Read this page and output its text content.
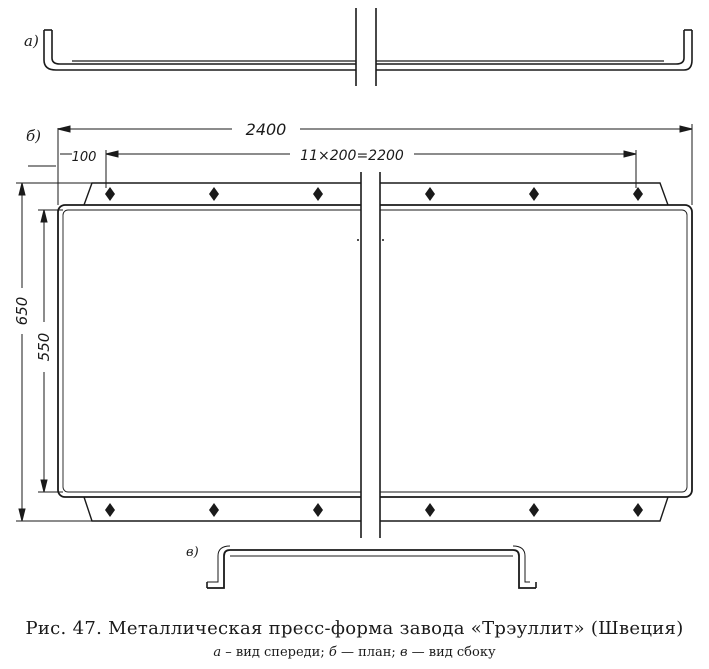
а)
б)
в)
2400
100	11×200=2200
650
550
Рис. 47. Металлическая пресс-форма завода «Трэуллит» (Швеция)
а – вид спереди; б — план; в — вид сбоку
